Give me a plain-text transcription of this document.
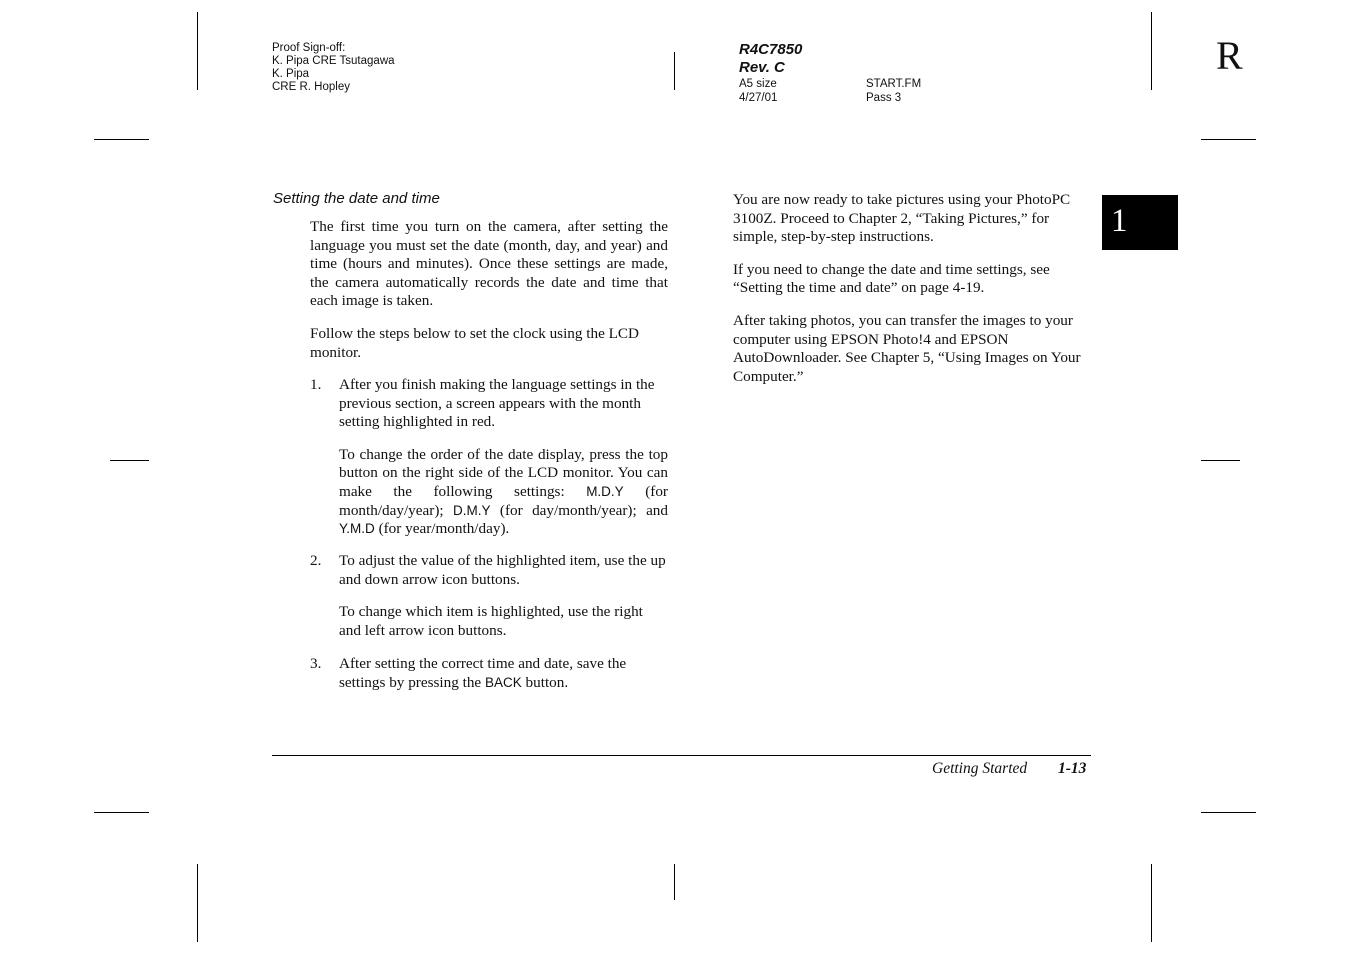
Proof Sign-off:
K. Pipa CRE Tsutagawa
K. Pipa
CRE R. Hopley
R4C7850
Rev. C
A5 size
4/27/01
START.FM
Pass 3
R
1
Setting the date and time

The first time you turn on the camera, after setting the language you must set the date (month, day, and year) and time (hours and minutes). Once these settings are made, the camera automatically records the date and time that each image is taken.

Follow the steps below to set the clock using the LCD monitor.

1. After you finish making the language settings in the previous section, a screen appears with the month setting highlighted in red.

To change the order of the date display, press the top button on the right side of the LCD monitor. You can make the following settings: M.D.Y (for month/day/year); D.M.Y (for day/month/year); and Y.M.D (for year/month/day).

2. To adjust the value of the highlighted item, use the up and down arrow icon buttons.

To change which item is highlighted, use the right and left arrow icon buttons.

3. After setting the correct time and date, save the settings by pressing the BACK button.

You are now ready to take pictures using your PhotoPC 3100Z. Proceed to Chapter 2, “Taking Pictures,” for simple, step-by-step instructions.

If you need to change the date and time settings, see “Setting the time and date” on page 4-19.

After taking photos, you can transfer the images to your computer using EPSON Photo!4 and EPSON AutoDownloader. See Chapter 5, “Using Images on Your Computer.”

Getting Started 1-13
